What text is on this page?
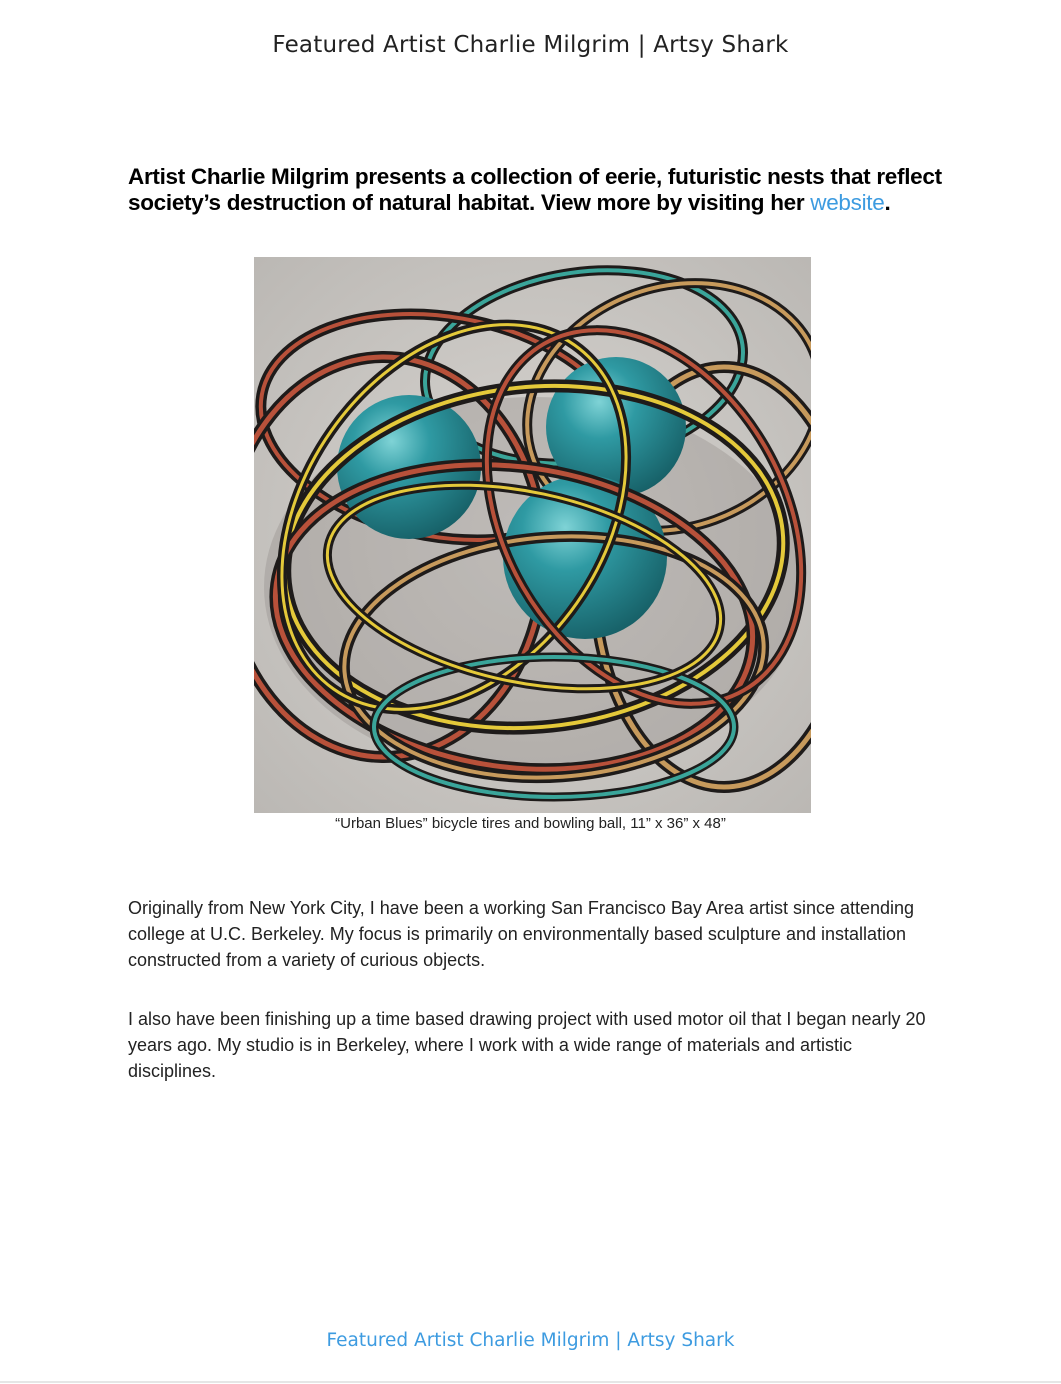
Featured Artist Charlie Milgrim | Artsy Shark
Artist Charlie Milgrim presents a collection of eerie, futuristic nests that reflect society’s destruction of natural habitat. View more by visiting her website.
“Urban Blues” bicycle tires and bowling ball, 11” x 36” x 48”

Originally from New York City, I have been a working San Francisco Bay Area artist since attending college at U.C. Berkeley. My focus is primarily on environmentally based sculpture and installation constructed from a variety of curious objects.

I also have been finishing up a time based drawing project with used motor oil that I began nearly 20 years ago. My studio is in Berkeley, where I work with a wide range of materials and artistic disciplines.

Featured Artist Charlie Milgrim | Artsy Shark
